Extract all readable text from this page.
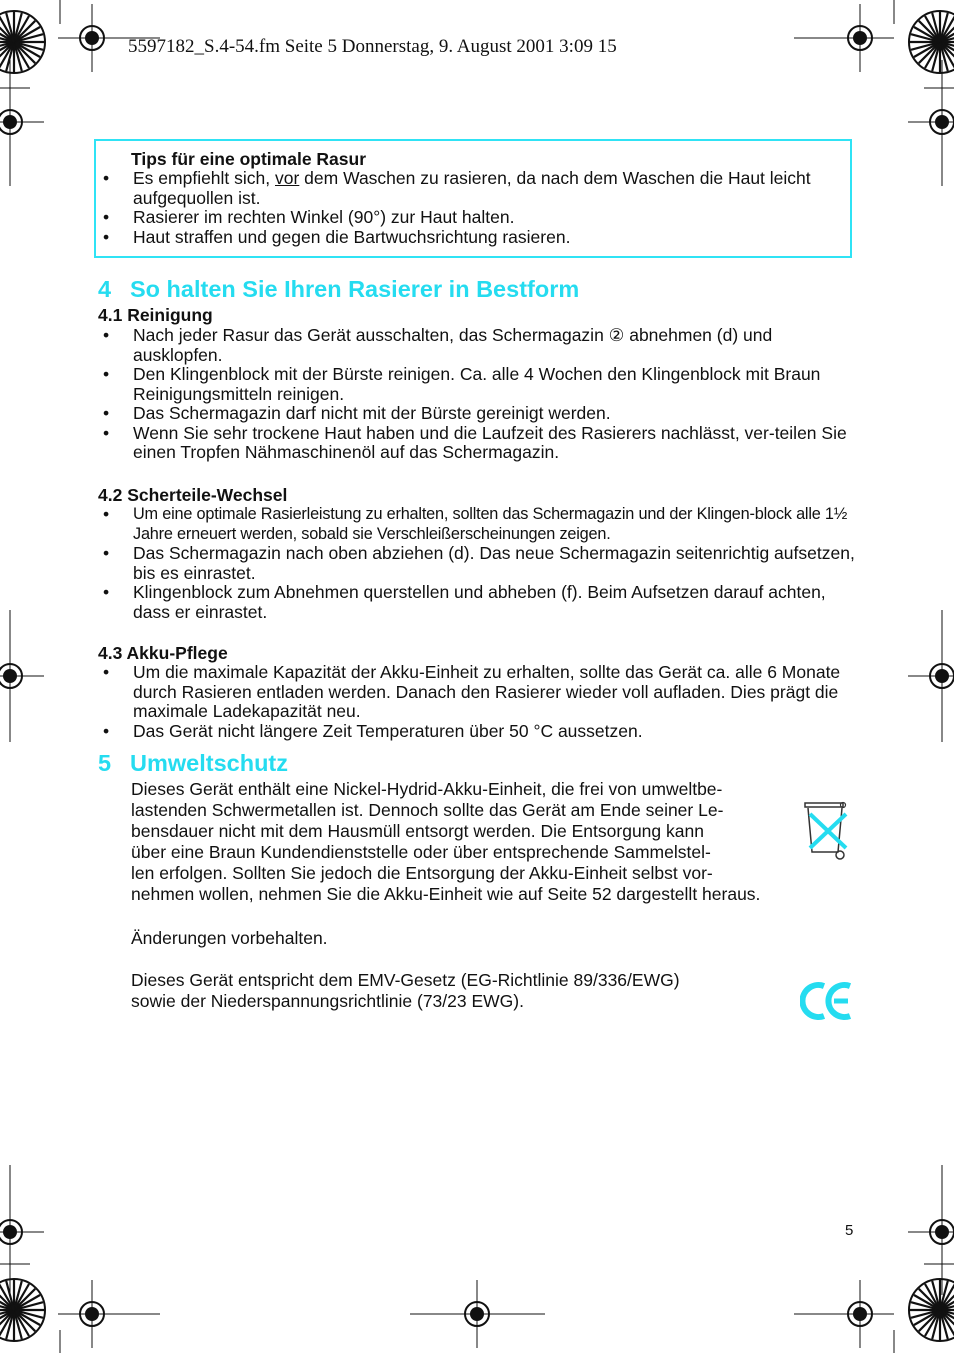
5597182_S.4-54.fm Seite 5 Donnerstag, 9. August 2001 3:09 15
Tips für eine optimale Rasur
• Es empfiehlt sich, vor dem Waschen zu rasieren, da nach dem Waschen die Haut leicht aufgequollen ist.
• Rasierer im rechten Winkel (90°) zur Haut halten.
• Haut straffen und gegen die Bartwuchsrichtung rasieren.
4 So halten Sie Ihren Rasierer in Bestform
4.1 Reinigung
• Nach jeder Rasur das Gerät ausschalten, das Schermagazin ② abnehmen (d) und ausklopfen.
• Den Klingenblock mit der Bürste reinigen. Ca. alle 4 Wochen den Klingenblock mit Braun Reinigungsmitteln reinigen.
• Das Schermagazin darf nicht mit der Bürste gereinigt werden.
• Wenn Sie sehr trockene Haut haben und die Laufzeit des Rasierers nachlässt, ver-teilen Sie einen Tropfen Nähmaschinenöl auf das Schermagazin.
4.2 Scherteile-Wechsel
• Um eine optimale Rasierleistung zu erhalten, sollten das Schermagazin und der Klingen-block alle 1½ Jahre erneuert werden, sobald sie Verschleißerscheinungen zeigen.
• Das Schermagazin nach oben abziehen (d). Das neue Schermagazin seitenrichtig aufsetzen, bis es einrastet.
• Klingenblock zum Abnehmen querstellen und abheben (f). Beim Aufsetzen darauf achten, dass er einrastet.
4.3 Akku-Pflege
• Um die maximale Kapazität der Akku-Einheit zu erhalten, sollte das Gerät ca. alle 6 Monate durch Rasieren entladen werden. Danach den Rasierer wieder voll aufladen. Dies prägt die maximale Ladekapazität neu.
• Das Gerät nicht längere Zeit Temperaturen über 50 °C aussetzen.
5 Umweltschutz
Dieses Gerät enthält eine Nickel-Hydrid-Akku-Einheit, die frei von umweltbe-
lastenden Schwermetallen ist. Dennoch sollte das Gerät am Ende seiner Le-
bensdauer nicht mit dem Hausmüll entsorgt werden. Die Entsorgung kann
über eine Braun Kundendienststelle oder über entsprechende Sammelstel-
len erfolgen. Sollten Sie jedoch die Entsorgung der Akku-Einheit selbst vor-
nehmen wollen, nehmen Sie die Akku-Einheit wie auf Seite 52 dargestellt heraus.
Änderungen vorbehalten.
Dieses Gerät entspricht dem EMV-Gesetz (EG-Richtlinie 89/336/EWG)
sowie der Niederspannungsrichtlinie (73/23 EWG).
5
